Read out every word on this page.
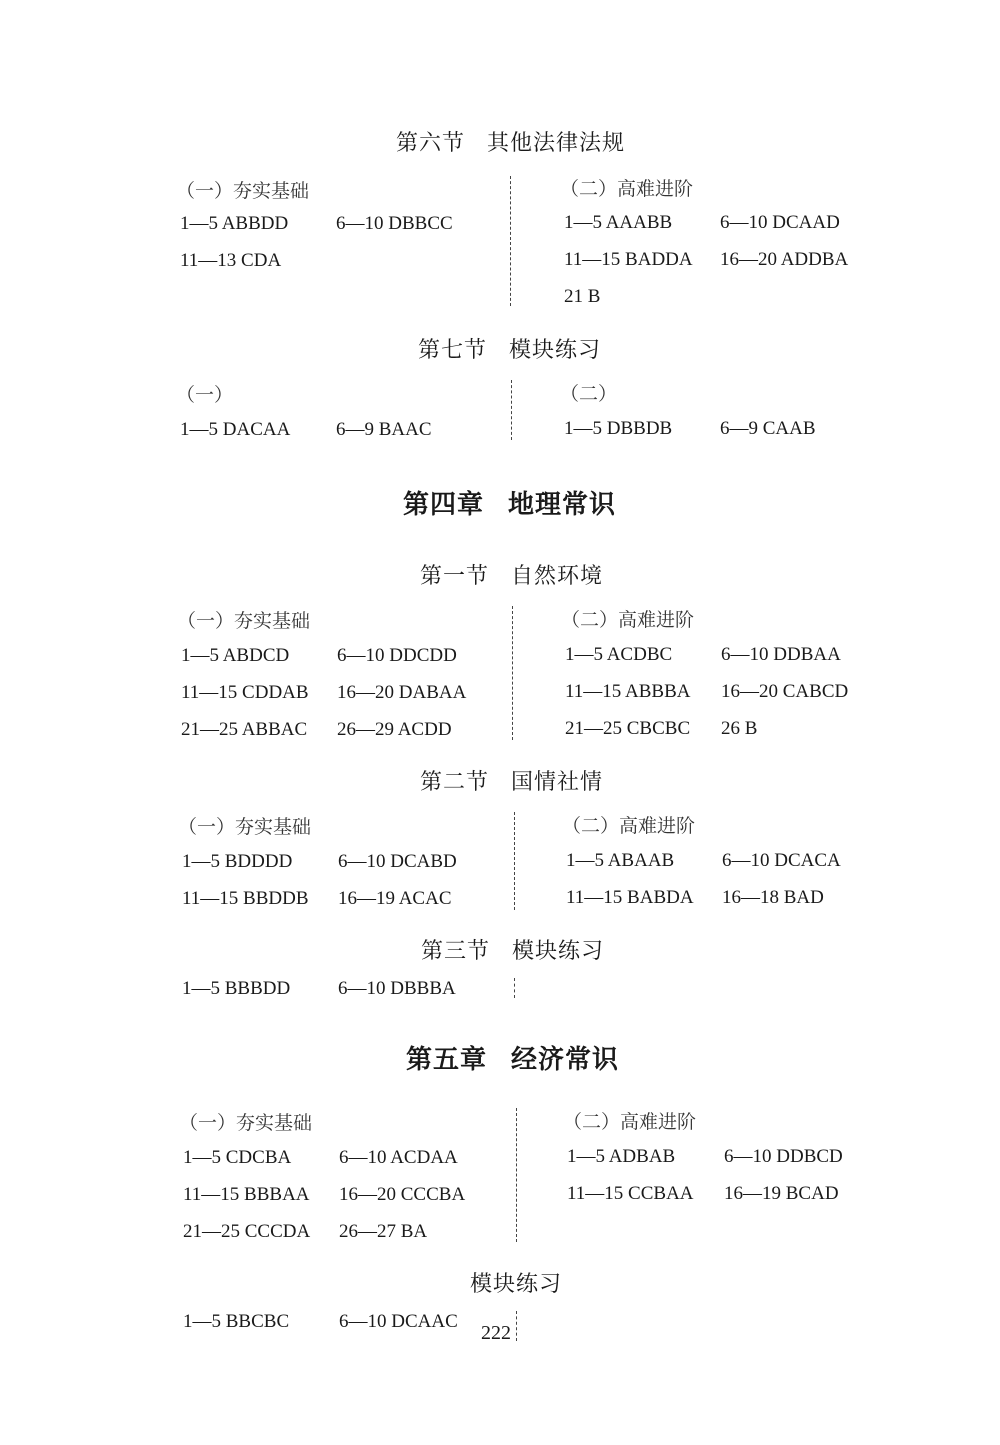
第六节 其他法律法规
（一）夯实基础	（二）高难进阶
1—5 ABBDD	6—10 DBBCC
11—13 CDA
1—5 AAABB	6—10 DCAAD
11—15 BADDA 16—20 ADDBA
21 B
第七节 模块练习
（一）	（二）
1—5 DACAA 6—9 BAAC	1—5 DBBDB	6—9 CAAB
第四章 地理常识
第一节 自然环境
（一）夯实基础	（二）高难进阶
1—5 ABDCD	6—10 DDCDD
11—15 CDDAB 16—20 DABAA
21—25 ABBAC 26—29 ACDD
1—5 ACDBC	6—10 DDBAA
11—15 ABBBA 16—20 CABCD
21—25 CBCBC 26 B
第二节 国情社情
（一）夯实基础	（二）高难进阶
1—5 BDDDD 6—10 DCABD
11—15 BBDDB 16—19 ACAC
1—5 ABAAB	6—10 DCACA
11—15 BABDA 16—18 BAD
第三节 模块练习
1—5 BBBDD	6—10 DBBBA
第五章 经济常识
（一）夯实基础	（二）高难进阶
1—5 CDCBA	6—10 ACDAA
11—15 BBBAA 16—20 CCCBA
21—25 CCCDA 26—27 BA
1—5 ADBAB	6—10 DDBCD
11—15 CCBAA 16—19 BCAD
模块练习
1—5 BBCBC	6—10 DCAAC
222
